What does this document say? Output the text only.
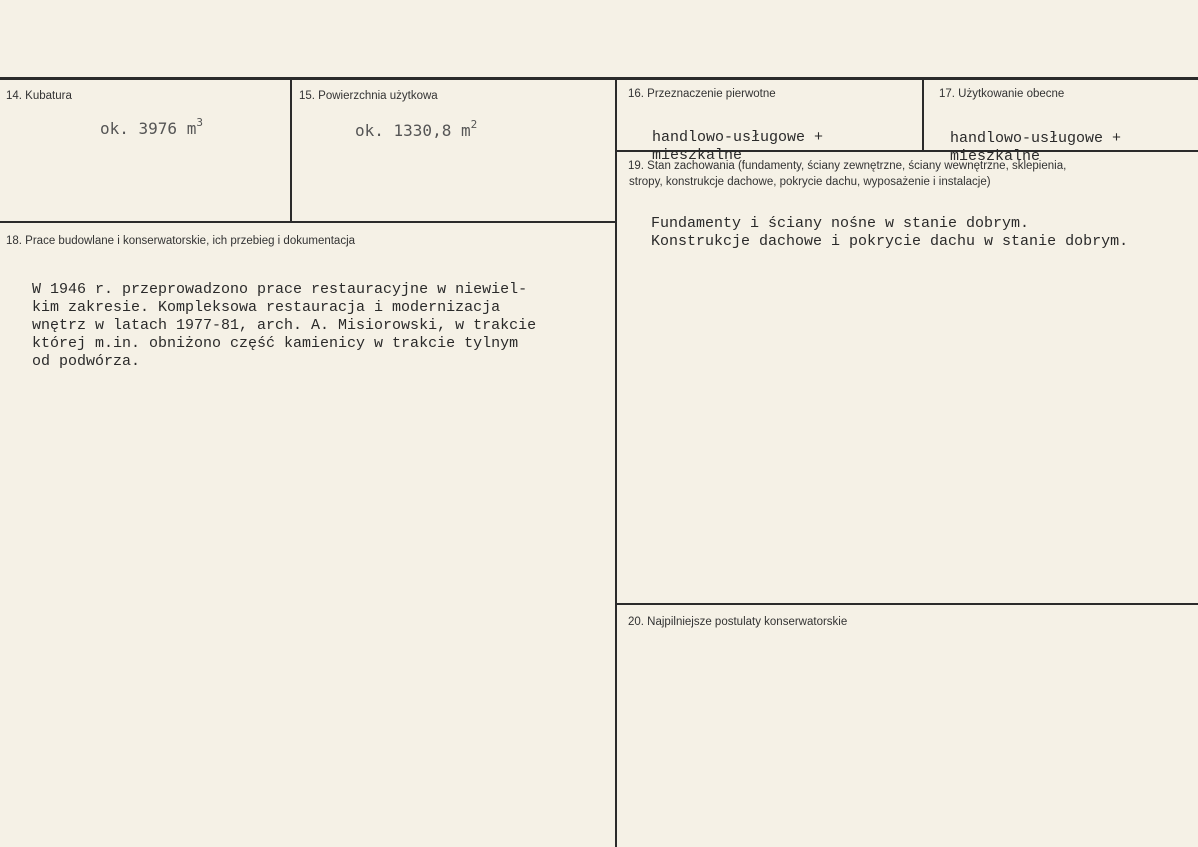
14. Kubatura
ok. 3976 $m^3$
15. Powierzchnia użytkowa
ok. 1330,8 $m^2$
16. Przeznaczenie pierwotne

handlowo-usługowe +
mieszkalne
17. Użytkowanie obecne

handlowo-usługowe +
mieszkalne
19. Stan zachowania (fundamenty, ściany zewnętrzne, ściany wewnętrzne, sklepienia,
stropy, konstrukcje dachowe, pokrycie dachu, wyposażenie i instalacje)

Fundamenty i ściany nośne w stanie dobrym.
Konstrukcje dachowe i pokrycie dachu w stanie dobrym.
18. Prace budowlane i konserwatorskie, ich przebieg i dokumentacja

W 1946 r. przeprowadzono prace restauracyjne w niewiel-
kim zakresie. Kompleksowa restauracja i modernizacja
wnętrz w latach 1977-81, arch. A. Misiorowski, w trakcie
której m.in. obniżono część kamienicy w trakcie tylnym
od podwórza.
20. Najpilniejsze postulaty konserwatorskie
